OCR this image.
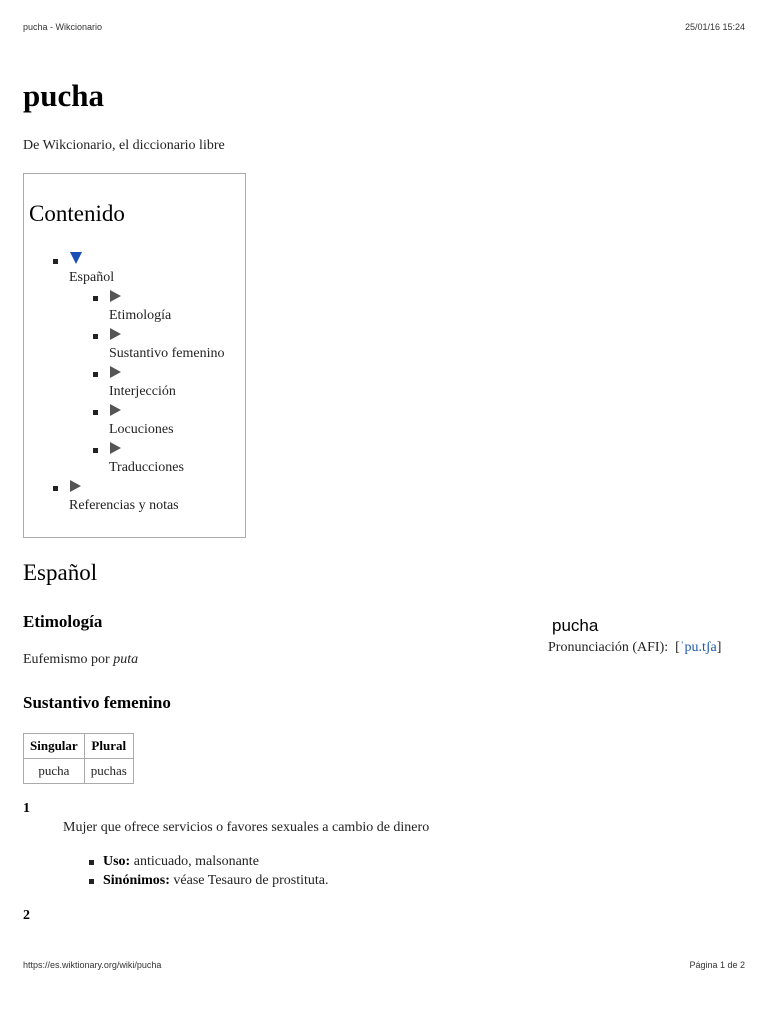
pucha - Wikcionario	25/01/16 15:24
pucha
De Wikcionario, el diccionario libre
Contenido
Español
Etimología
Sustantivo femenino
Interjección
Locuciones
Traducciones
Referencias y notas
Español
Etimología
Eufemismo por puta
pucha
Pronunciación (AFI): [ˈpu.tʃa]
Sustantivo femenino
Singular	Plural
pucha	puchas
1
Mujer que ofrece servicios o favores sexuales a cambio de dinero
Uso: anticuado, malsonante
Sinónimos: véase Tesauro de prostituta.
2
https://es.wiktionary.org/wiki/pucha	Página 1 de 2
